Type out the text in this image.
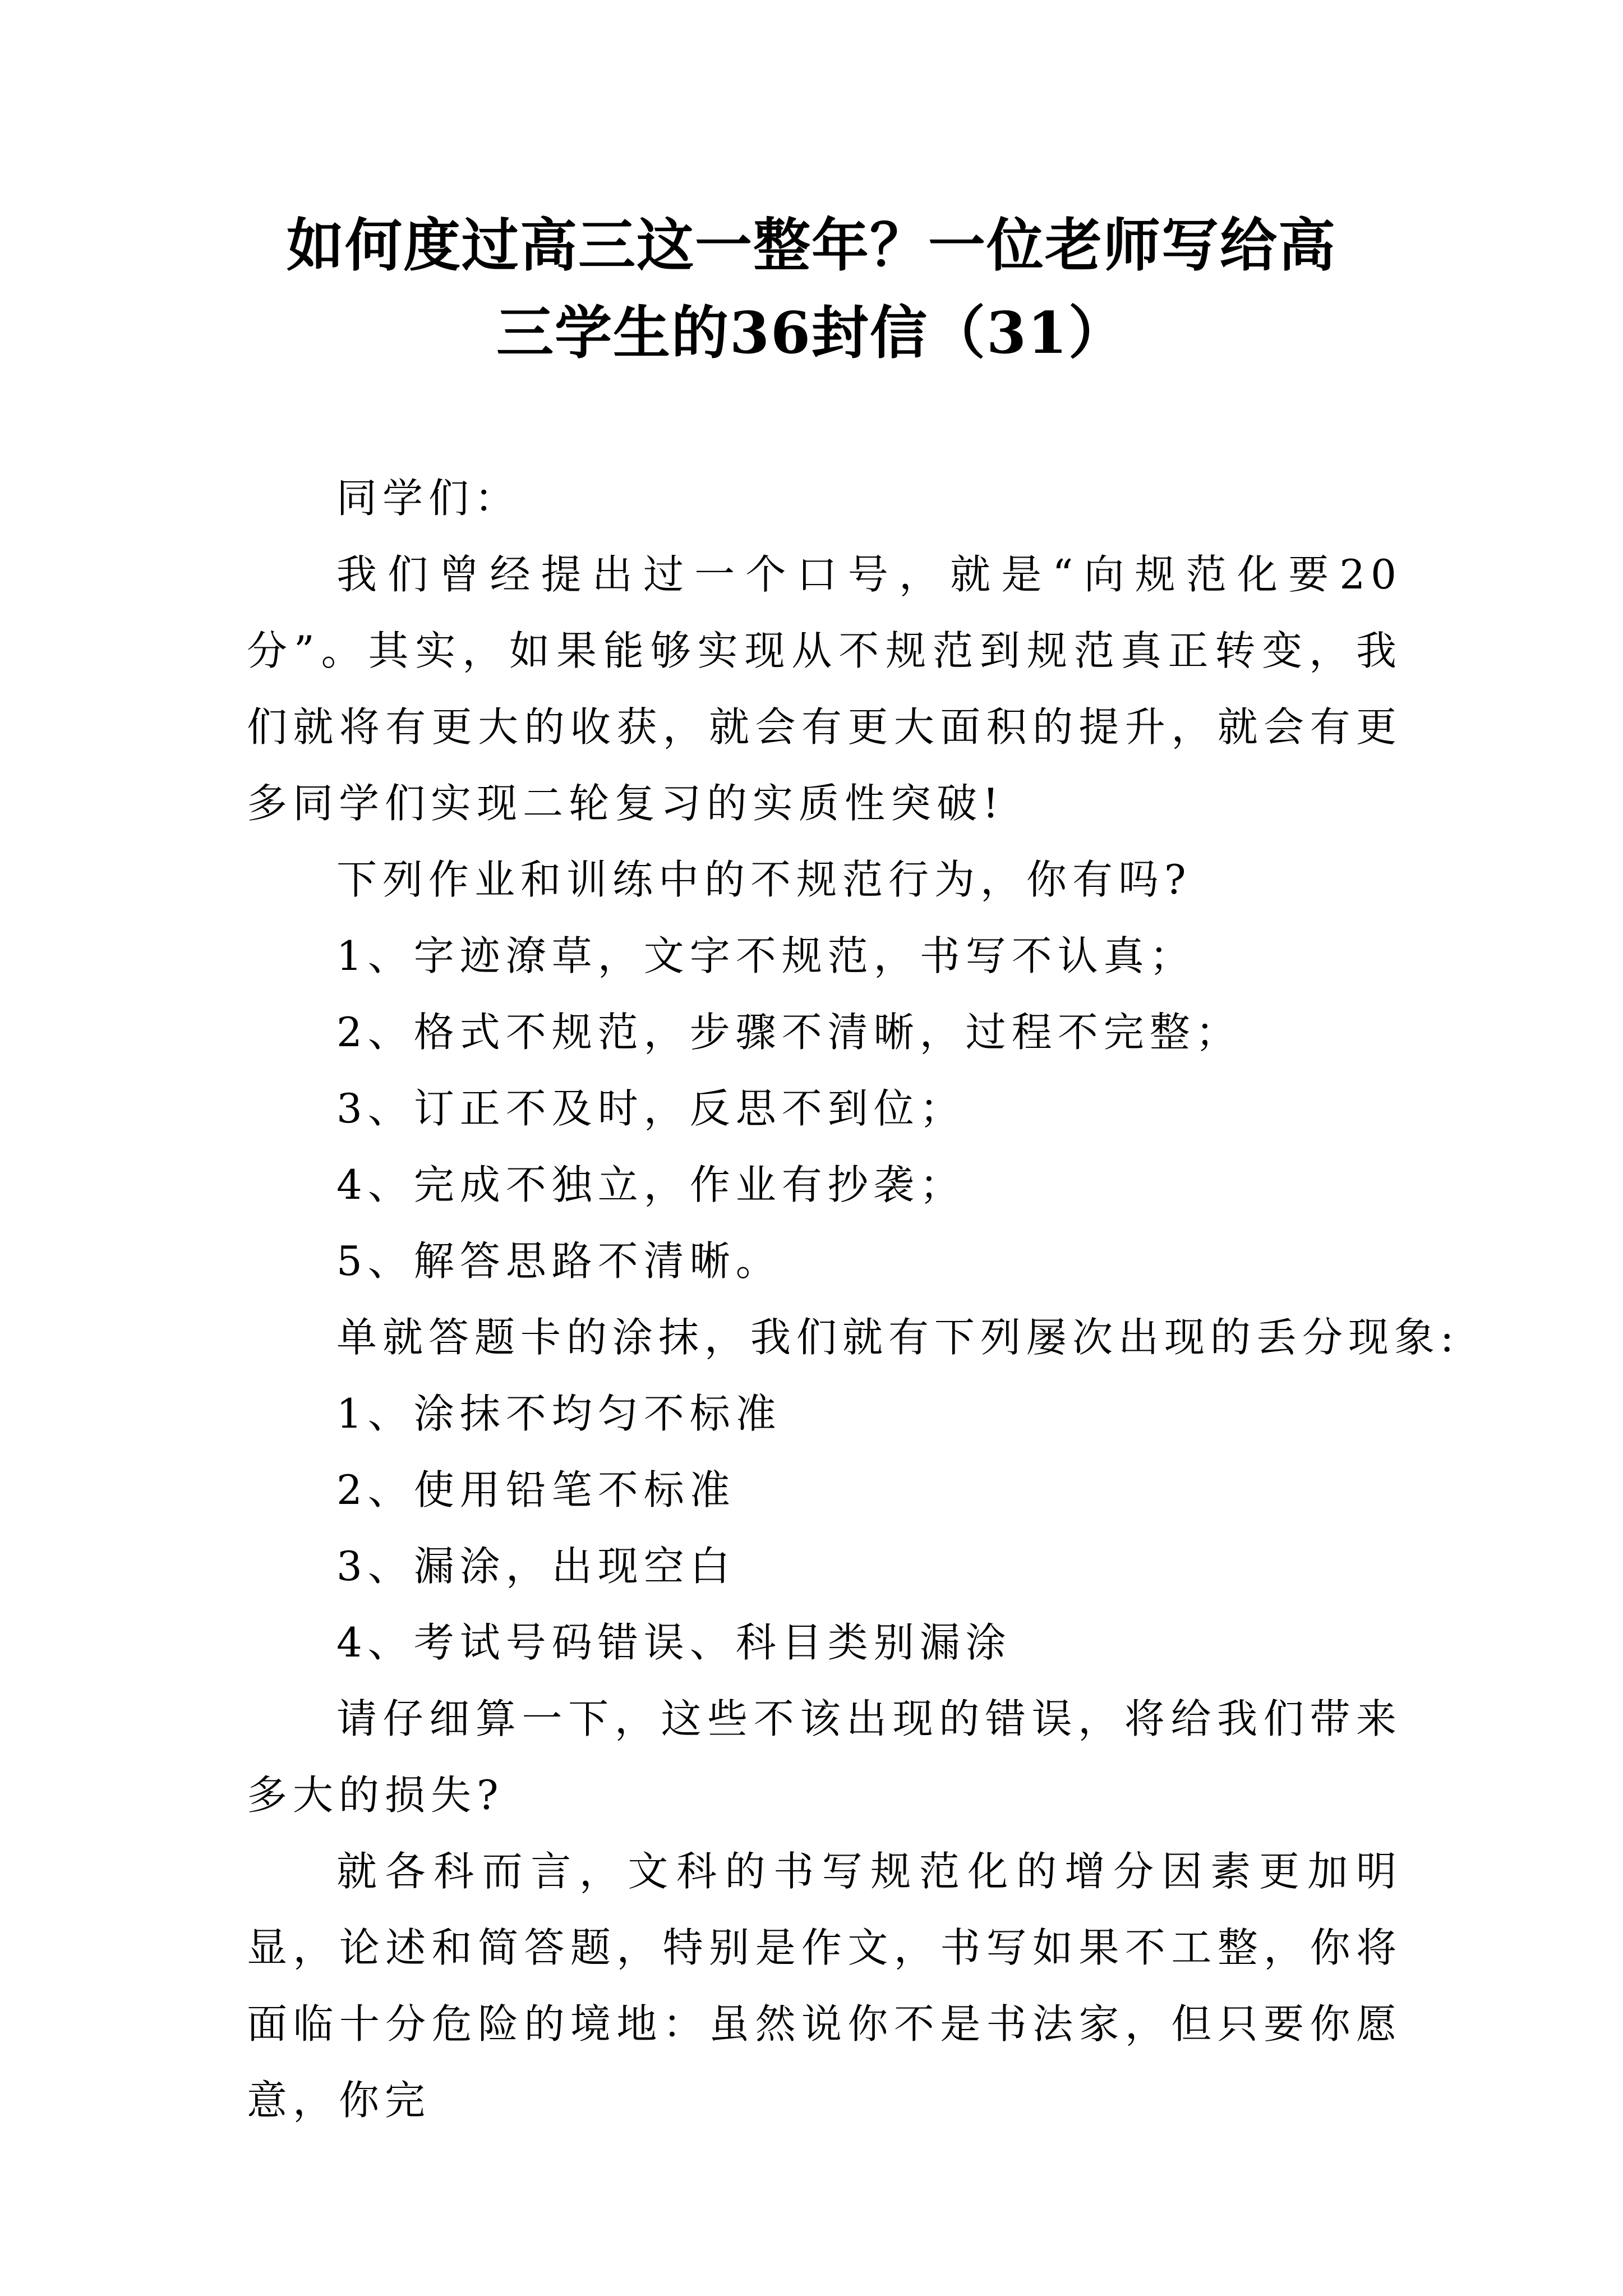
如何度过高三这一整年？一位老师写给高
三学生的36封信（31）

同学们：

我们曾经提出过一个口号，就是“向规范化要20分”。其实，如果能够实现从不规范到规范真正转变，我们就将有更大的收获，就会有更大面积的提升，就会有更多同学们实现二轮复习的实质性突破!

下列作业和训练中的不规范行为，你有吗?

1、字迹潦草，文字不规范，书写不认真；

2、格式不规范，步骤不清晰，过程不完整；

3、订正不及时，反思不到位；

4、完成不独立，作业有抄袭；

5、解答思路不清晰。

单就答题卡的涂抹，我们就有下列屡次出现的丢分现象:

1、涂抹不均匀不标准

2、使用铅笔不标准

3、漏涂，出现空白

4、考试号码错误、科目类别漏涂

请仔细算一下，这些不该出现的错误，将给我们带来多大的损失?

就各科而言，文科的书写规范化的增分因素更加明显，论述和简答题，特别是作文，书写如果不工整，你将面临十分危险的境地：虽然说你不是书法家，但只要你愿意，你完
